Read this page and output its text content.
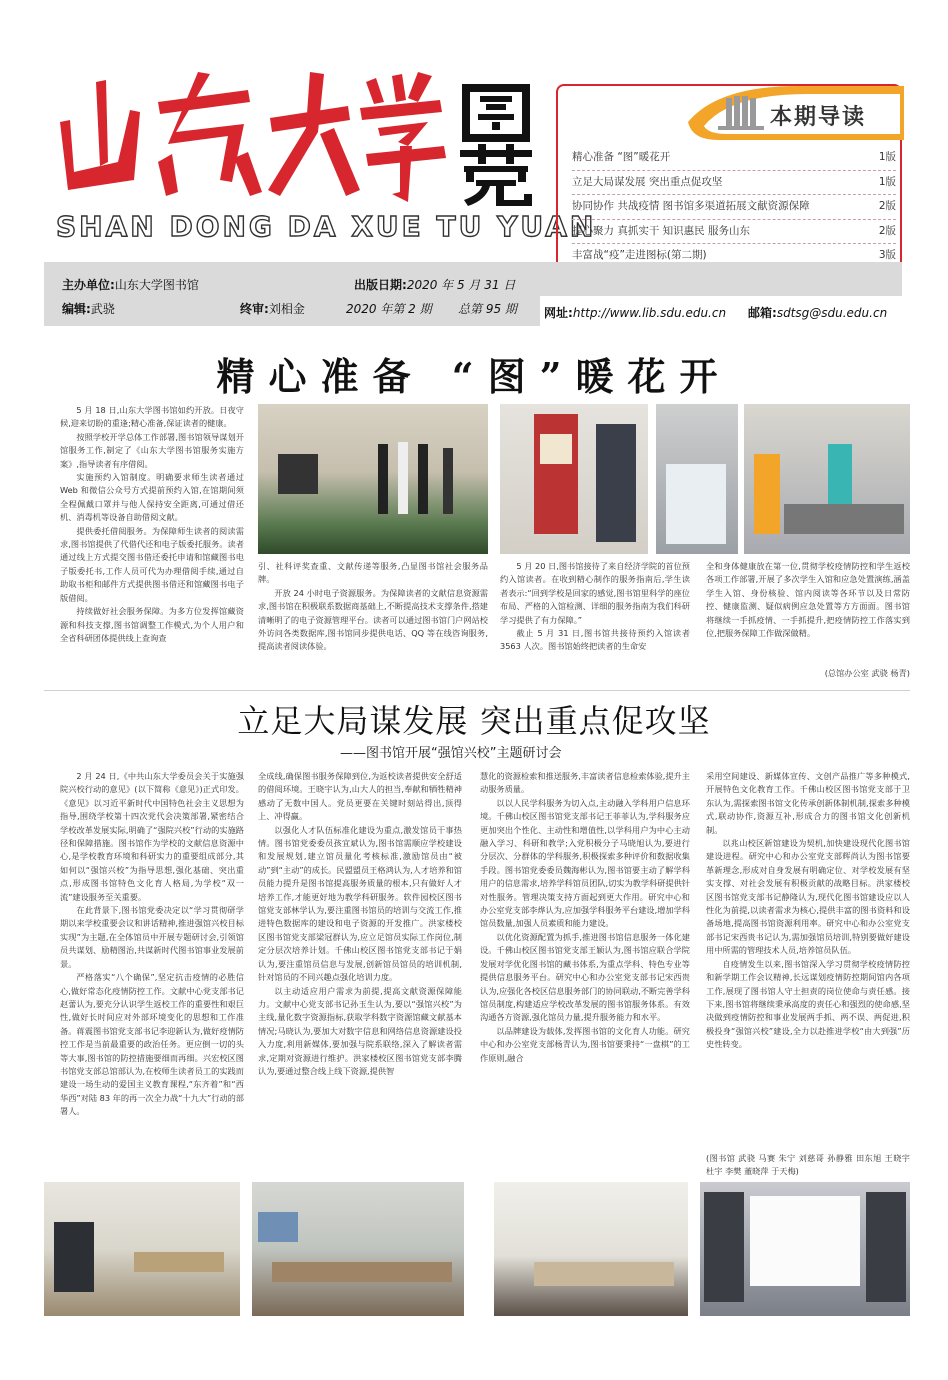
SHAN DONG DA XUE TU YUAN
本期导读
精心准备 “图”暖花开	1版
立足大局谋发展 突出重点促攻坚	1版
协同协作 共战疫情 图书馆多渠道拓展文献资源保障	2版
提心聚力 真抓实干 知识惠民 服务山东	2版
丰富战“疫”走进图标(第二期)	3版
主办单位:山东大学图书馆
编辑:武骁	终审:刘相金
出版日期:2020 年 5 月 31 日
2020 年第 2 期 总第 95 期 网址:http://www.lib.sdu.edu.cn 邮箱:sdtsg@sdu.edu.cn
精心准备 “图”暖花开

5 月 18 日,山东大学图书馆如约开放。日夜守候,迎来切盼的重逢;精心准备,保证读者的健康。

按照学校开学总体工作部署,图书馆领导谋划开馆服务工作,制定了《山东大学图书馆服务实施方案》,指导读者有序借阅。

实施预约入馆制度。明确要求师生读者通过 Web 和微信公众号方式提前预约入馆,在馆期间须全程佩戴口罩并与他人保持安全距离,可通过借还机、消毒机等设备自助借阅文献。

提供委托借阅服务。为保障师生读者的阅读需求,图书馆提供了代借代还和电子版委托服务。读者通过线上方式提交图书借还委托申请和馆藏图书电子版委托书,工作人员可代为办理借阅手续,通过自助取书柜和邮件方式提供图书借还和馆藏图书电子版借阅。

持续做好社会服务保障。为多方位发挥馆藏资源和科技支撑,图书馆调整工作模式,为个人用户和全省科研团体提供线上查询查

引、社科评奖查重、文献传递等服务,凸显图书馆社会服务品牌。

开放 24 小时电子资源服务。为保障读者的文献信息资源需求,图书馆在积极联系数据商基础上,不断提高技术支撑条件,搭建清晰明了的电子资源管理平台。读者可以通过图书馆门户网站校外访问各类数据库,图书馆同步提供电话、QQ 等在线咨询服务,提高读者阅读体验。

5 月 20 日,图书馆接待了来自经济学院的首位预约入馆读者。在收到精心制作的服务指南后,学生读者表示:“回到学校是回家的感觉,图书馆里科学的座位布局、严格的入馆检测、详细的服务指南为我们科研学习提供了有力保障。”

截止 5 月 31 日,图书馆共接待预约入馆读者 3563 人次。图书馆始终把读者的生命安

全和身体健康放在第一位,贯彻学校疫情防控和学生返校各项工作部署,开展了多次学生入馆和应急处置演练,涵盖学生入馆、身份核验、馆内阅读等各环节以及日常防控、健康监测、疑似病例应急处置等方方面面。图书馆将继续一手抓疫情、一手抓提升,把疫情防控工作落实到位,把服务保障工作做深做精。

(总馆办公室 武骁 杨青)
立足大局谋发展 突出重点促攻坚
——图书馆开展“强馆兴校”主题研讨会

2 月 24 日,《中共山东大学委员会关于实施强院兴校行动的意见》(以下简称《意见》)正式印发。《意见》以习近平新时代中国特色社会主义思想为指导,围绕学校第十四次党代会决策部署,紧密结合学校改革发展实际,明确了“强院兴校”行动的实施路径和保障措施。图书馆作为学校的文献信息资源中心,是学校教育环境和科研实力的重要组成部分,其如何以“强馆兴校”为指导思想,强化基础、突出重点,形成图书馆特色文化育人格局,为学校“双一流”建设服务至关重要。

在此背景下,图书馆党委决定以“学习贯彻研学期以来学校重要会议和讲话精神,推进强馆兴校目标实现”为主题,在全体馆员中开展专题研讨会,引领馆员共谋划、励精图治,共谋新时代图书馆事业发展前景。

严格落实“八个确保”,坚定抗击疫情的必胜信心,做好常态化疫情防控工作。文献中心党支部书记赵蕾认为,要充分认识学生返校工作的重要性和艰巨性,做好长时间应对外部环境变化的思想和工作准备。蒋震图书馆党支部书记李迎新认为,做好疫情防控工作是当前最重要的政治任务。更应倒一切的头等大事,图书馆的防控措施要细而再细。兴宏校区图书馆党支部总馆部认为,在校师生读者员工的实践而建设一场生动的爱国主义教育课程,“东齐着”和“西华西”对陆 83 年的再一次全力战“十九大”行动的部署人。

全成线,确保图书服务保障到位,为返校读者提供安全舒适的借阅环境。王晓宇认为,山大人的担当,奉献和牺牲精神感动了无数中国人。党员更要在关键时刻站得出,顶得上、冲得赢。

以强化人才队伍标准化建设为重点,激发馆员干事热情。图书馆党委委员孩宜斌认为,图书馆需顺应学校建设和发展规划,建立馆员量化考核标准,激励馆员由“被动”到“主动”的成长。民盟盟员王格鸿认为,人才培养和馆员能力提升是图书馆提高服务质量的根本,只有做好人才培养工作,才能更好地为教学科研服务。软件园校区图书馆党支部林学认为,要注重图书馆员的培训与交流工作,推进特色数据库的建设和电子资源的开发推广。洪家楼校区图书馆党支部梁冠群认为,应立足馆员实际工作岗位,制定分层次培养计划。千佛山校区图书馆党支部书记于娟认为,要注重馆员信息与发展,创新馆员馆员的培训机制,针对馆员的不同兴趣点强化培训力度。

以主动适应用户需求为前提,提高文献资源保障能力。文献中心党支部书记孙玉生认为,要以“强馆兴校”为主线,量化数字资源指标,获取学科数字资源馆藏文献基本情况;马晓认为,要加大对数字信息和网络信息资源建设投入力度,利用新媒体,要加强与院系联络,深入了解读者需求,定期对资源进行维护。洪家楼校区图书馆党支部李腾认为,要通过整合线上线下资源,提供智

慧化的资源检索和推送服务,丰富读者信息检索体验,提升主动服务质量。

以以人民学科服务为切入点,主动融入学科用户信息环境。千佛山校区图书馆党支部书记王菲菲认为,学科服务应更加突出个性化、主动性和增值性,以学科用户为中心主动融入学习、科研和教学;入党积极分子马晓旭认为,要进行分层次、分群体的学科服务,积极探索多种评价和数据收集手段。图书馆党委委员魏海彬认为,图书馆要主动了解学科用户的信息需求,培养学科馆员团队,切实为教学科研提供针对性服务。管理决策支持方面起到更大作用。研究中心和办公室党支部李烨认为,应加强学科服务平台建设,增加学科馆员数量,加强人员素质和能力建设。

以优化资源配置为抓手,推进图书馆信息服务一体化建设。千佛山校区图书馆党支部王颖认为,图书馆应联合学院发展对学优化图书馆的藏书体系,为重点学科、特色专业等提供信息服务平台。研究中心和办公室党支部书记宋西贵认为,应强化各校区信息服务部门的协同联动,不断完善学科馆员制度,构建适应学校改革发展的图书馆服务体系。有效沟通各方资源,强化馆员力量,提升服务能力和水平。

以品牌建设为载体,发挥图书馆的文化育人功能。研究中心和办公室党支部杨青认为,图书馆要秉持“一盘棋”的工作原则,融合

采用空间建设、新媒体宣传、文创产品推广等多种模式,开展特色文化教育工作。千佛山校区图书馆党支部于卫东认为,需探索图书馆文化传承创新体制机制,探索多种模式,联动协作,资源互补,形成合力的图书馆文化创新机制。

以兆山校区新馆建设为契机,加快建设现代化图书馆建设进程。研究中心和办公室党支部辉尚认为图书馆要革新理念,形成对自身发展有明确定位、对学校发展有坚实支撑、对社会发展有积极贡献的战略目标。洪家楼校区图书馆党支部书记静隆认为,现代化图书馆建设应以人性化为前提,以读者需求为核心,提供丰富的图书资料和设备场地,提高图书馆资源利用率。研究中心和办公室党支部书记宋西贵书记认为,需加强馆员培训,特别要做好建设用中所需的管理技术人员,培养馆员队伍。

自疫情发生以来,图书馆深入学习贯彻学校疫情防控和新学期工作会议精神,长远谋划疫情防控期间馆内各项工作,展现了图书馆人守土担责的岗位使命与责任感。接下来,图书馆将继续秉承高度的责任心和强烈的使命感,坚决做到疫情防控和事业发展两手抓、两不误、两促进,积极投身“强馆兴校”建设,全力以赴推进学校“由大到强”历史性转变。

(图书馆 武骁 马赛 朱宁 刘慈哥 孙静雅 田东旭 王晓宇 杜宇 李樊 董晓萍 于天梅)
